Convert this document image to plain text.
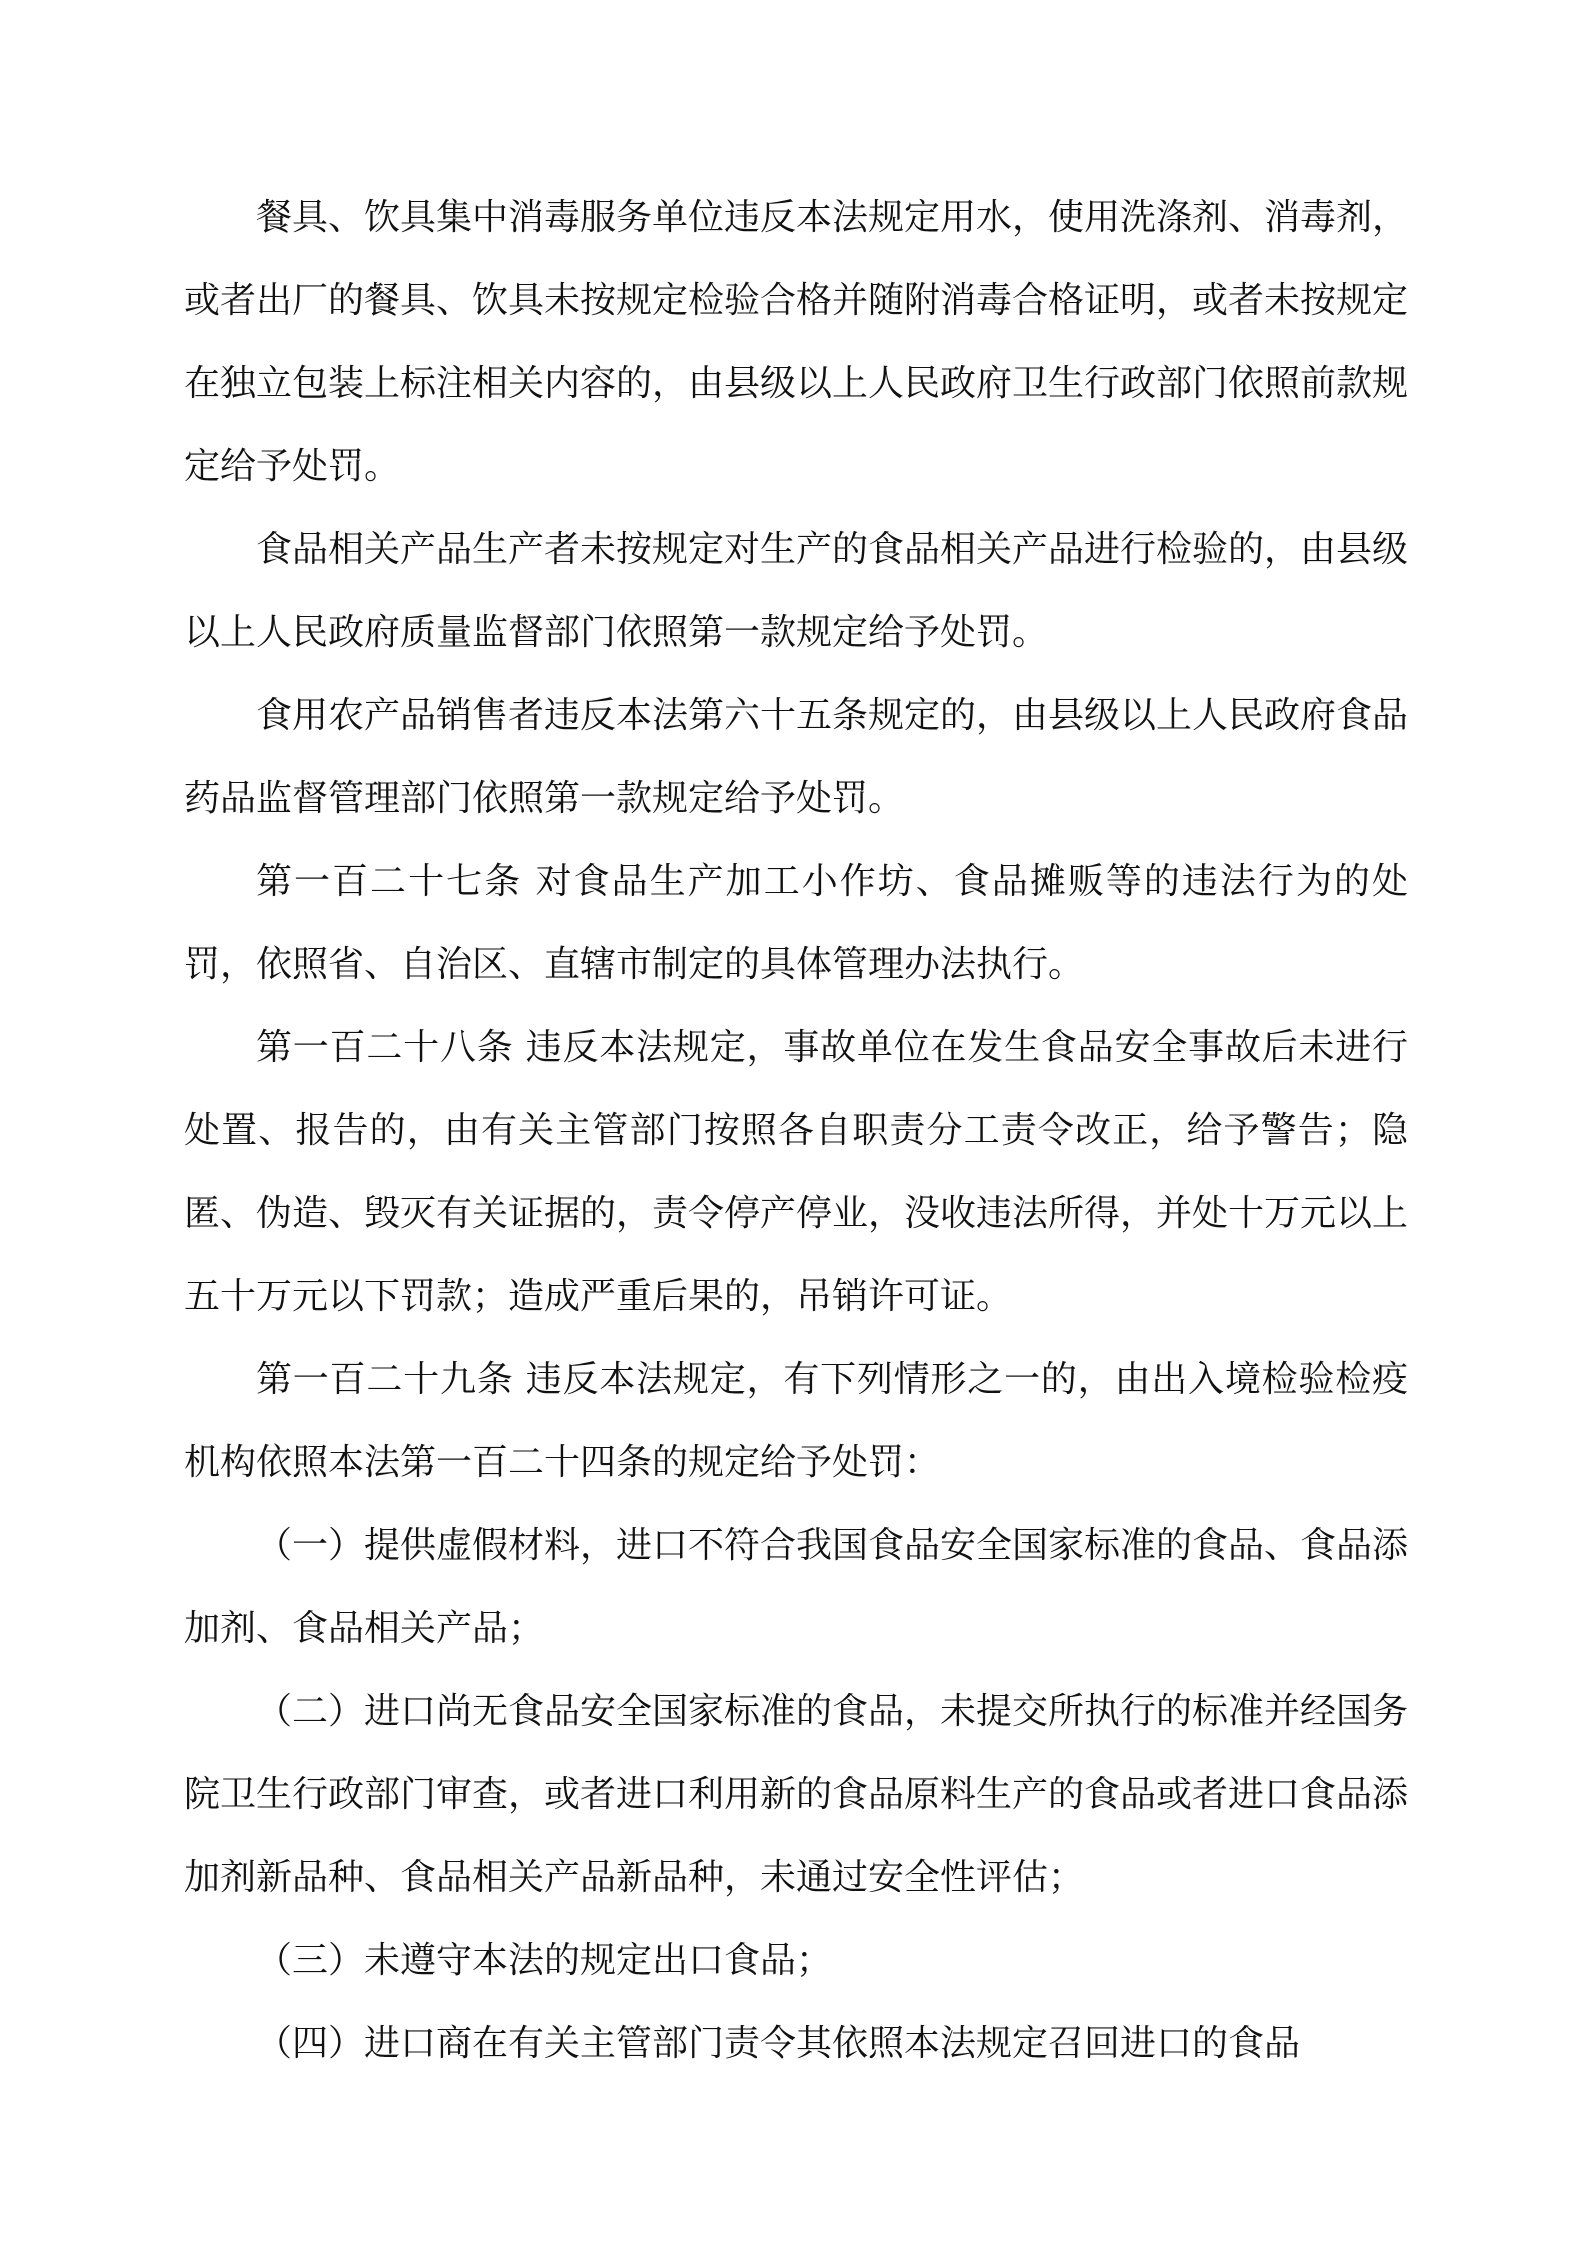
餐具、饮具集中消毒服务单位违反本法规定用水，使用洗涤剂、消毒剂，或者出厂的餐具、饮具未按规定检验合格并随附消毒合格证明，或者未按规定在独立包装上标注相关内容的，由县级以上人民政府卫生行政部门依照前款规定给予处罚。

食品相关产品生产者未按规定对生产的食品相关产品进行检验的，由县级以上人民政府质量监督部门依照第一款规定给予处罚。

食用农产品销售者违反本法第六十五条规定的，由县级以上人民政府食品药品监督管理部门依照第一款规定给予处罚。

第一百二十七条 对食品生产加工小作坊、食品摊贩等的违法行为的处罚，依照省、自治区、直辖市制定的具体管理办法执行。

第一百二十八条 违反本法规定，事故单位在发生食品安全事故后未进行处置、报告的，由有关主管部门按照各自职责分工责令改正，给予警告；隐匿、伪造、毁灭有关证据的，责令停产停业，没收违法所得，并处十万元以上五十万元以下罚款；造成严重后果的，吊销许可证。

第一百二十九条 违反本法规定，有下列情形之一的，由出入境检验检疫机构依照本法第一百二十四条的规定给予处罚：

（一）提供虚假材料，进口不符合我国食品安全国家标准的食品、食品添加剂、食品相关产品；

（二）进口尚无食品安全国家标准的食品，未提交所执行的标准并经国务院卫生行政部门审查，或者进口利用新的食品原料生产的食品或者进口食品添加剂新品种、食品相关产品新品种，未通过安全性评估；

（三）未遵守本法的规定出口食品；

（四）进口商在有关主管部门责令其依照本法规定召回进口的食品
